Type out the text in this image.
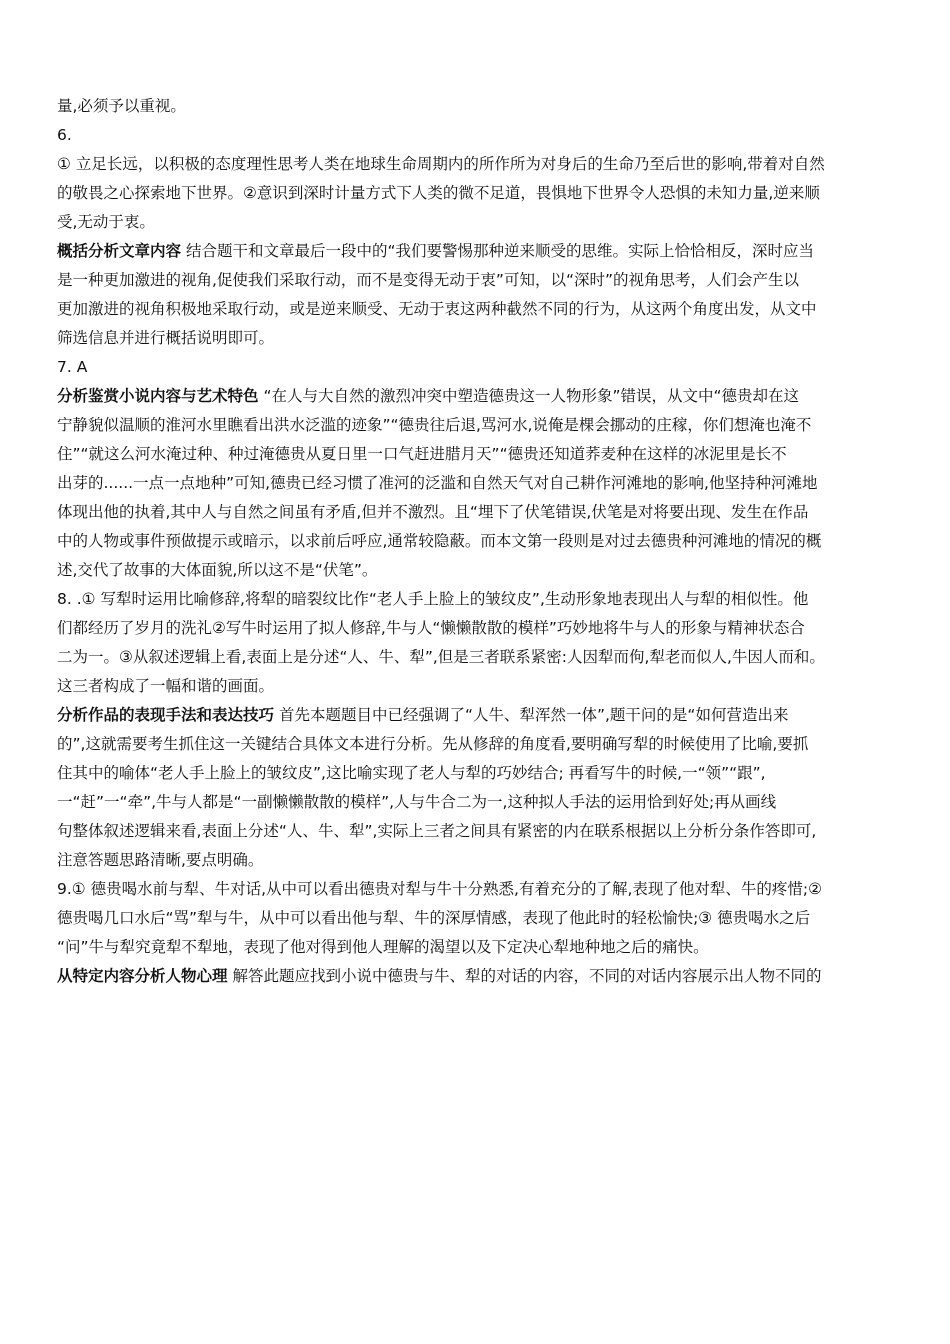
量,必须予以重视。
6.
① 立足长远，以积极的态度理性思考人类在地球生命周期内的所作所为对身后的生命乃至后世的影响,带着对自然
的敬畏之心探索地下世界。②意识到深时计量方式下人类的微不足道，畏惧地下世界令人恐惧的未知力量,逆来顺
受,无动于衷。
概括分析文章内容 结合题干和文章最后一段中的“我们要警惕那种逆来顺受的思维。实际上恰恰相反，深时应当
是一种更加激进的视角,促使我们采取行动，而不是变得无动于衷”可知，以“深时”的视角思考，人们会产生以
更加激进的视角积极地采取行动，或是逆来顺受、无动于衷这两种截然不同的行为，从这两个角度出发，从文中
筛选信息并进行概括说明即可。
7. A
分析鉴赏小说内容与艺术特色 “在人与大自然的激烈冲突中塑造德贵这一人物形象”错误，从文中“德贵却在这
宁静貌似温顺的淮河水里瞧看出洪水泛滥的迹象”“德贵往后退,骂河水,说俺是棵会挪动的庄稼，你们想淹也淹不
住”“就这么河水淹过种、种过淹德贵从夏日里一口气赶进腊月天”“德贵还知道荞麦种在这样的冰泥里是长不
出芽的......一点一点地种”可知,德贵已经习惯了准河的泛滥和自然天气对自己耕作河滩地的影响,他坚持种河滩地
体现出他的执着,其中人与自然之间虽有矛盾,但并不激烈。且“埋下了伏笔错误,伏笔是对将要出现、发生在作品
中的人物或事件预做提示或暗示，以求前后呼应,通常较隐蔽。而本文第一段则是对过去德贵种河滩地的情况的概
述,交代了故事的大体面貌,所以这不是“伏笔”。
8. .① 写犁时运用比喻修辞,将犁的暗裂纹比作“老人手上脸上的皱纹皮”,生动形象地表现出人与犁的相似性。他
们都经历了岁月的洗礼②写牛时运用了拟人修辞,牛与人“懒懒散散的模样”巧妙地将牛与人的形象与精神状态合
二为一。③从叙述逻辑上看,表面上是分述“人、牛、犁”,但是三者联系紧密:人因犁而佝,犁老而似人,牛因人而和。
这三者构成了一幅和谐的画面。
分析作品的表现手法和表达技巧 首先本题题目中已经强调了“人牛、犁浑然一体”,题干问的是“如何营造出来
的”,这就需要考生抓住这一关键结合具体文本进行分析。先从修辞的角度看,要明确写犁的时候使用了比喻,要抓
住其中的喻体“老人手上脸上的皱纹皮”,这比喻实现了老人与犁的巧妙结合; 再看写牛的时候,一“领”“跟”,
一“赶”一“牵”,牛与人都是“一副懒懒散散的模样”,人与牛合二为一,这种拟人手法的运用恰到好处;再从画线
句整体叙述逻辑来看,表面上分述“人、牛、犁”,实际上三者之间具有紧密的内在联系根据以上分析分条作答即可,
注意答题思路清晰,要点明确。
9.① 德贵喝水前与犁、牛对话,从中可以看出德贵对犁与牛十分熟悉,有着充分的了解,表现了他对犁、牛的疼惜;②
德贵喝几口水后“骂”犁与牛，从中可以看出他与犁、牛的深厚情感，表现了他此时的轻松愉快;③ 德贵喝水之后
“问”牛与犁究竟犁不犁地，表现了他对得到他人理解的渴望以及下定决心犁地种地之后的痛快。
从特定内容分析人物心理 解答此题应找到小说中德贵与牛、犁的对话的内容，不同的对话内容展示出人物不同的
